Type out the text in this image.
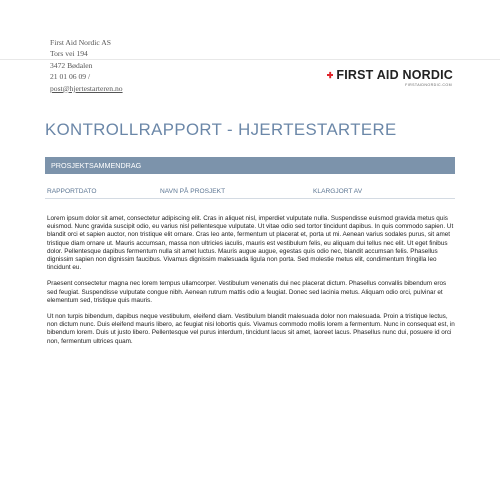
First Aid Nordic AS
Tors vei 194
3472 Bødalen
21 01 06 09 /
post@hjertestarteren.no
FIRST AID NORDIC
FIRSTAIDNORDIC.COM
KONTROLLRAPPORT - HJERTESTARTERE
PROSJEKTSAMMENDRAG
RAPPORTDATO	NAVN PÅ PROSJEKT	KLARGJORT AV

Lorem ipsum dolor sit amet, consectetur adipiscing elit. Cras in aliquet nisl, imperdiet vulputate nulla. Suspendisse euismod gravida metus quis euismod. Nunc gravida suscipit odio, eu varius nisl pellentesque vulputate. Ut vitae odio sed tortor tincidunt dapibus. In quis commodo sapien. Ut blandit orci et sapien auctor, non tristique elit ornare. Cras leo ante, fermentum ut placerat et, porta ut mi. Aenean varius sodales purus, sit amet tristique diam ornare ut. Mauris accumsan, massa non ultricies iaculis, mauris est vestibulum felis, eu aliquam dui tellus nec elit. Ut eget finibus dolor. Pellentesque dapibus fermentum nulla sit amet luctus. Mauris augue augue, egestas quis odio nec, blandit accumsan felis. Phasellus dignissim sapien non dignissim faucibus. Vivamus dignissim malesuada ligula non porta. Sed molestie metus elit, condimentum fringilla leo tincidunt eu.

Praesent consectetur magna nec lorem tempus ullamcorper. Vestibulum venenatis dui nec placerat dictum. Phasellus convallis bibendum eros sed feugiat. Suspendisse vulputate congue nibh. Aenean rutrum mattis odio a feugiat. Donec sed lacinia metus. Aliquam odio orci, pulvinar et elementum sed, tristique quis mauris.

Ut non turpis bibendum, dapibus neque vestibulum, eleifend diam. Vestibulum blandit malesuada dolor non malesuada. Proin a tristique lectus, non dictum nunc. Duis eleifend mauris libero, ac feugiat nisi lobortis quis. Vivamus commodo mollis lorem a fermentum. Nunc in consequat est, in bibendum lorem. Duis ut justo libero. Pellentesque vel purus interdum, tincidunt lacus sit amet, laoreet lacus. Phasellus nunc dui, posuere id orci non, fermentum ultrices quam.
